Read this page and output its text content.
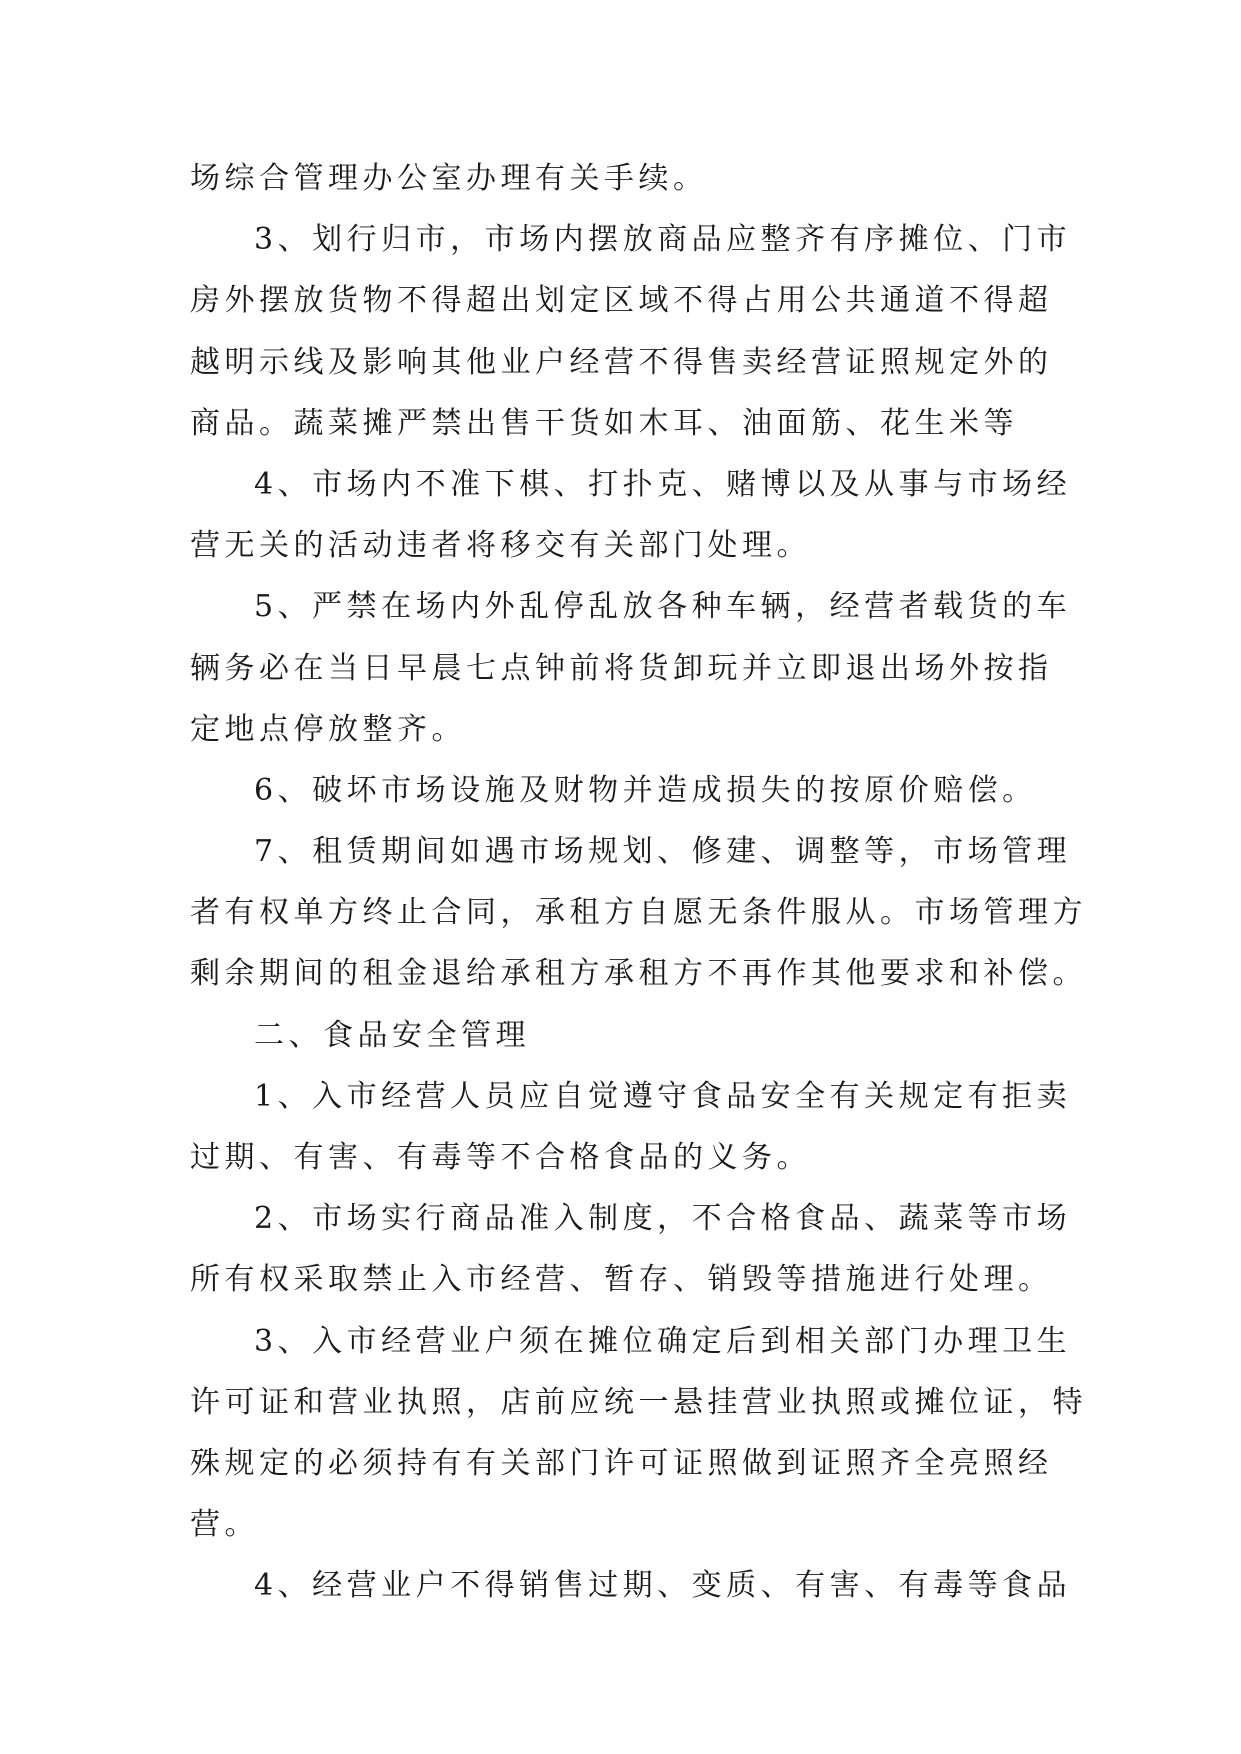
场综合管理办公室办理有关手续。
3、划行归市，市场内摆放商品应整齐有序摊位、门市
房外摆放货物不得超出划定区域不得占用公共通道不得超
越明示线及影响其他业户经营不得售卖经营证照规定外的
商品。蔬菜摊严禁出售干货如木耳、油面筋、花生米等
4、市场内不准下棋、打扑克、赌博以及从事与市场经
营无关的活动违者将移交有关部门处理。
5、严禁在场内外乱停乱放各种车辆，经营者载货的车
辆务必在当日早晨七点钟前将货卸玩并立即退出场外按指
定地点停放整齐。
6、破坏市场设施及财物并造成损失的按原价赔偿。
7、租赁期间如遇市场规划、修建、调整等，市场管理
者有权单方终止合同，承租方自愿无条件服从。市场管理方
剩余期间的租金退给承租方承租方不再作其他要求和补偿。
二、食品安全管理
1、入市经营人员应自觉遵守食品安全有关规定有拒卖
过期、有害、有毒等不合格食品的义务。
2、市场实行商品准入制度，不合格食品、蔬菜等市场
所有权采取禁止入市经营、暂存、销毁等措施进行处理。
3、入市经营业户须在摊位确定后到相关部门办理卫生
许可证和营业执照，店前应统一悬挂营业执照或摊位证，特
殊规定的必须持有有关部门许可证照做到证照齐全亮照经
营。
4、经营业户不得销售过期、变质、有害、有毒等食品
